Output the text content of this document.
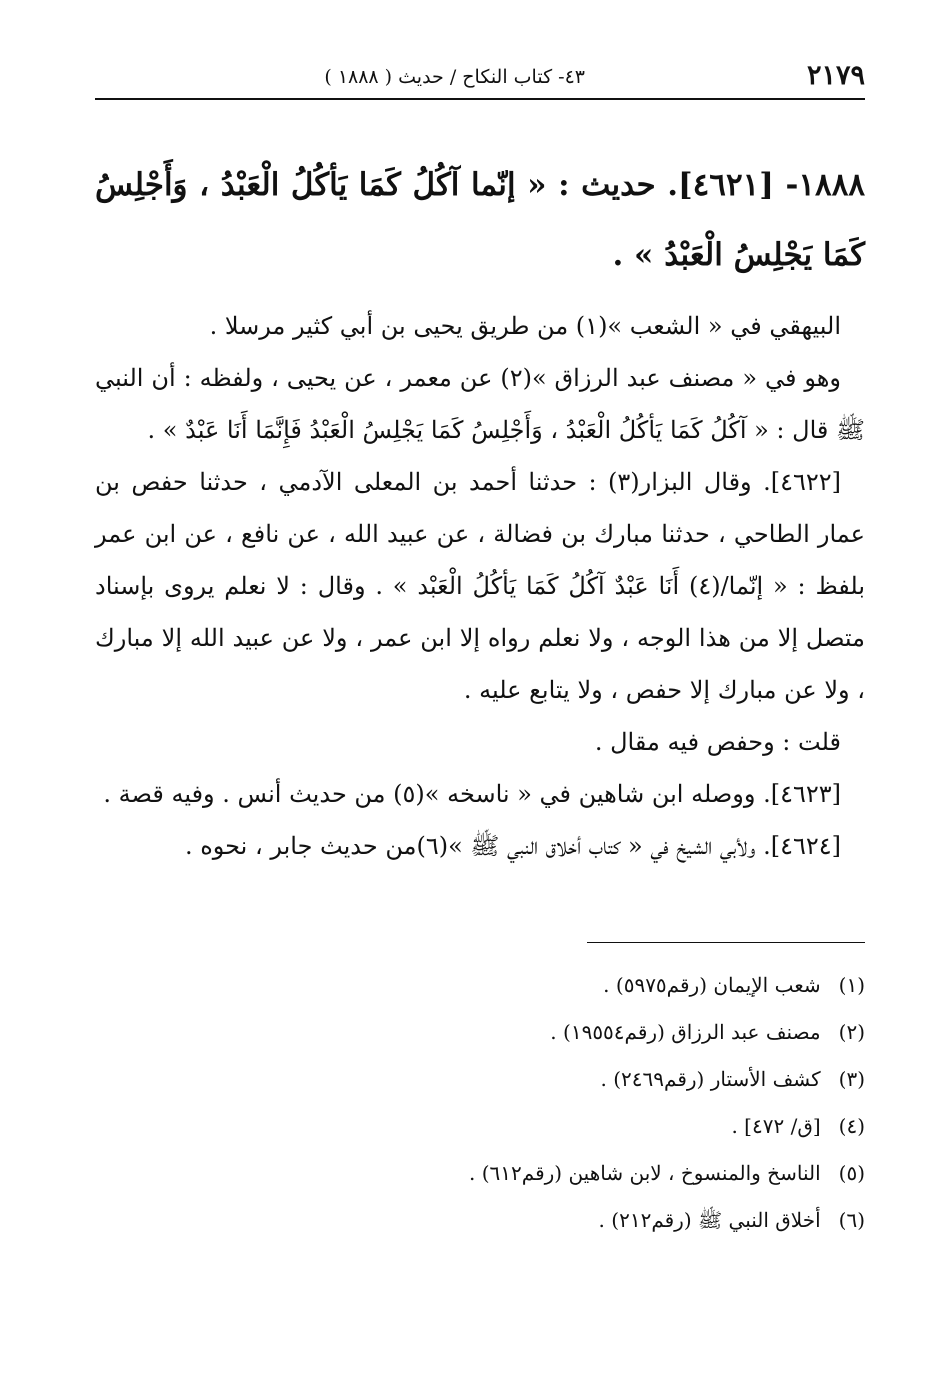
٢١٧٩
٤٣- كتاب النكاح / حديث ( ١٨٨٨ )
١٨٨٨- [٤٦٢١]. حديث : « إنّما آكُلُ كَمَا يَأكُلُ الْعَبْدُ ، وَأَجْلِسُ كَمَا يَجْلِسُ الْعَبْدُ » .

البيهقي في « الشعب »(١) من طريق يحيى بن أبي كثير مرسلا .

وهو في « مصنف عبد الرزاق »(٢) عن معمر ، عن يحيى ، ولفظه : أن النبي ﷺ قال : « آكُلُ كَمَا يَأكُلُ الْعَبْدُ ، وَأَجْلِسُ كَمَا يَجْلِسُ الْعَبْدُ فَإِنَّمَا أَنَا عَبْدٌ » .

[٤٦٢٢]. وقال البزار(٣) : حدثنا أحمد بن المعلى الآدمي ، حدثنا حفص بن عمار الطاحي ، حدثنا مبارك بن فضالة ، عن عبيد الله ، عن نافع ، عن ابن عمر بلفظ : « إنّما/(٤) أَنَا عَبْدٌ آكُلُ كَمَا يَأكُلُ الْعَبْد » . وقال : لا نعلم يروى بإسناد متصل إلا من هذا الوجه ، ولا نعلم رواه إلا ابن عمر ، ولا عن عبيد الله إلا مبارك ، ولا عن مبارك إلا حفص ، ولا يتابع عليه .

قلت : وحفص فيه مقال .

[٤٦٢٣]. ووصله ابن شاهين في « ناسخه »(٥) من حديث أنس . وفيه قصة .

[٤٦٢٤]. ولأبي الشيخ في « كتاب أخلاق النبي ﷺ »(٦)من حديث جابر ، نحوه .

(١) شعب الإيمان (رقم٥٩٧٥) .
(٢) مصنف عبد الرزاق (رقم١٩٥٥٤) .
(٣) كشف الأستار (رقم٢٤٦٩) .
(٤) [ق/ ٤٧٢] .
(٥) الناسخ والمنسوخ ، لابن شاهين (رقم٦١٢) .
(٦) أخلاق النبي ﷺ (رقم٢١٢) .
